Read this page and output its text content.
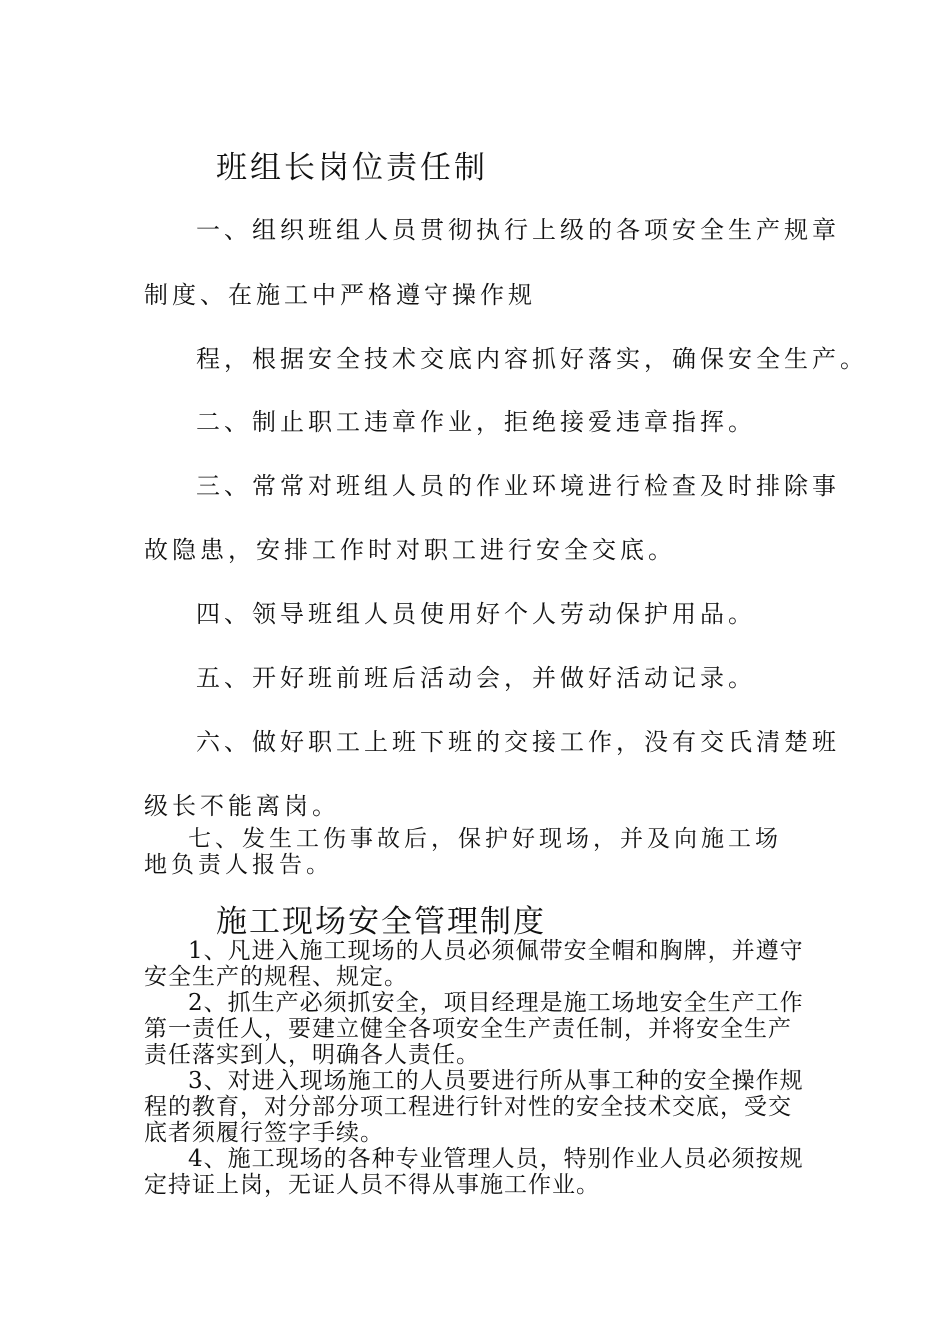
班组长岗位责任制

一、组织班组人员贯彻执行上级的各项安全生产规章

制度、在施工中严格遵守操作规

程，根据安全技术交底内容抓好落实，确保安全生产。

二、制止职工违章作业，拒绝接爱违章指挥。

三、常常对班组人员的作业环境进行检查及时排除事

故隐患，安排工作时对职工进行安全交底。

四、领导班组人员使用好个人劳动保护用品。

五、开好班前班后活动会，并做好活动记录。

六、做好职工上班下班的交接工作，没有交氏清楚班

级长不能离岗。

七、发生工伤事故后，保护好现场，并及向施工场地负责人报告。

施工现场安全管理制度

1、凡进入施工现场的人员必须佩带安全帽和胸牌，并遵守安全生产的规程、规定。

2、抓生产必须抓安全，项目经理是施工场地安全生产工作第一责任人，要建立健全各项安全生产责任制，并将安全生产责任落实到人，明确各人责任。

3、对进入现场施工的人员要进行所从事工种的安全操作规程的教育，对分部分项工程进行针对性的安全技术交底，受交底者须履行签字手续。

4、施工现场的各种专业管理人员，特别作业人员必须按规定持证上岗，无证人员不得从事施工作业。
